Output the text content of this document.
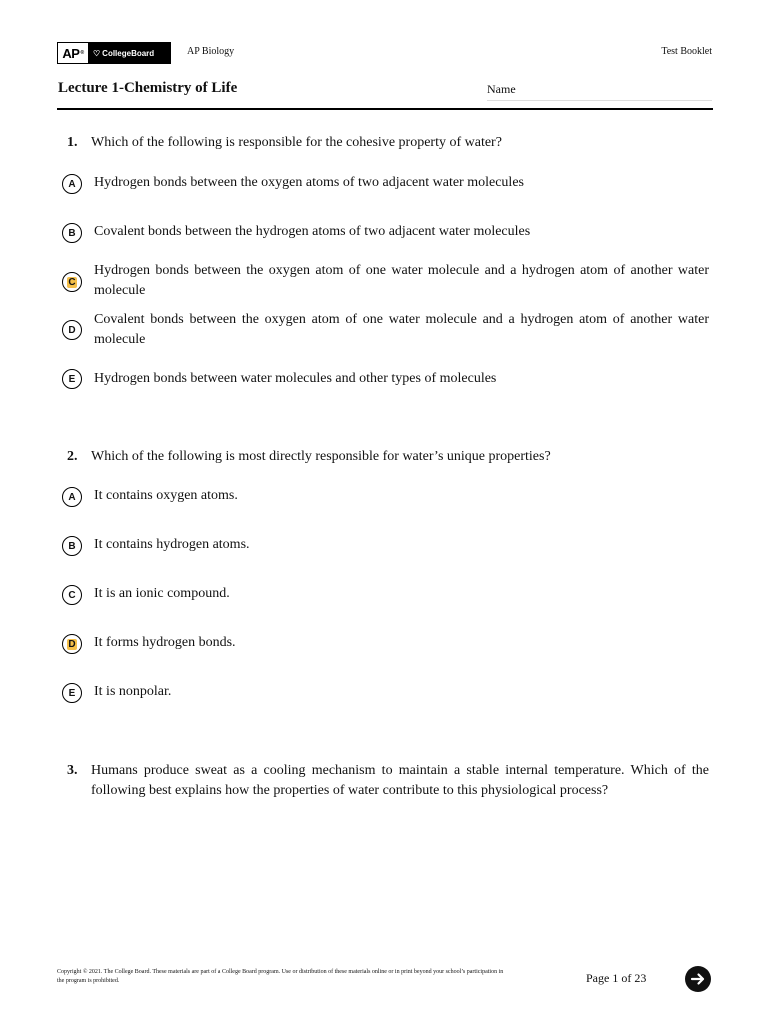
AP ® ♡ CollegeBoard	AP Biology	Test Booklet
Lecture 1-Chemistry of Life	Name
1. Which of the following is responsible for the cohesive property of water?
A Hydrogen bonds between the oxygen atoms of two adjacent water molecules
B Covalent bonds between the hydrogen atoms of two adjacent water molecules
C
Hydrogen bonds between the oxygen atom of one water molecule and a hydrogen atom of another water molecule
D
Covalent bonds between the oxygen atom of one water molecule and a hydrogen atom of another water molecule
E Hydrogen bonds between water molecules and other types of molecules
2. Which of the following is most directly responsible for water’s unique properties?
A It contains oxygen atoms.
B It contains hydrogen atoms.
C It is an ionic compound.
D It forms hydrogen bonds.
E It is nonpolar.
3. Humans produce sweat as a cooling mechanism to maintain a stable internal temperature. Which of the following best explains how the properties of water contribute to this physiological process?
Copyright © 2021. The College Board. These materials are part of a College Board program. Use or distribution of these materials online or in print beyond your school’s participation in the program is prohibited.	Page 1 of 23
